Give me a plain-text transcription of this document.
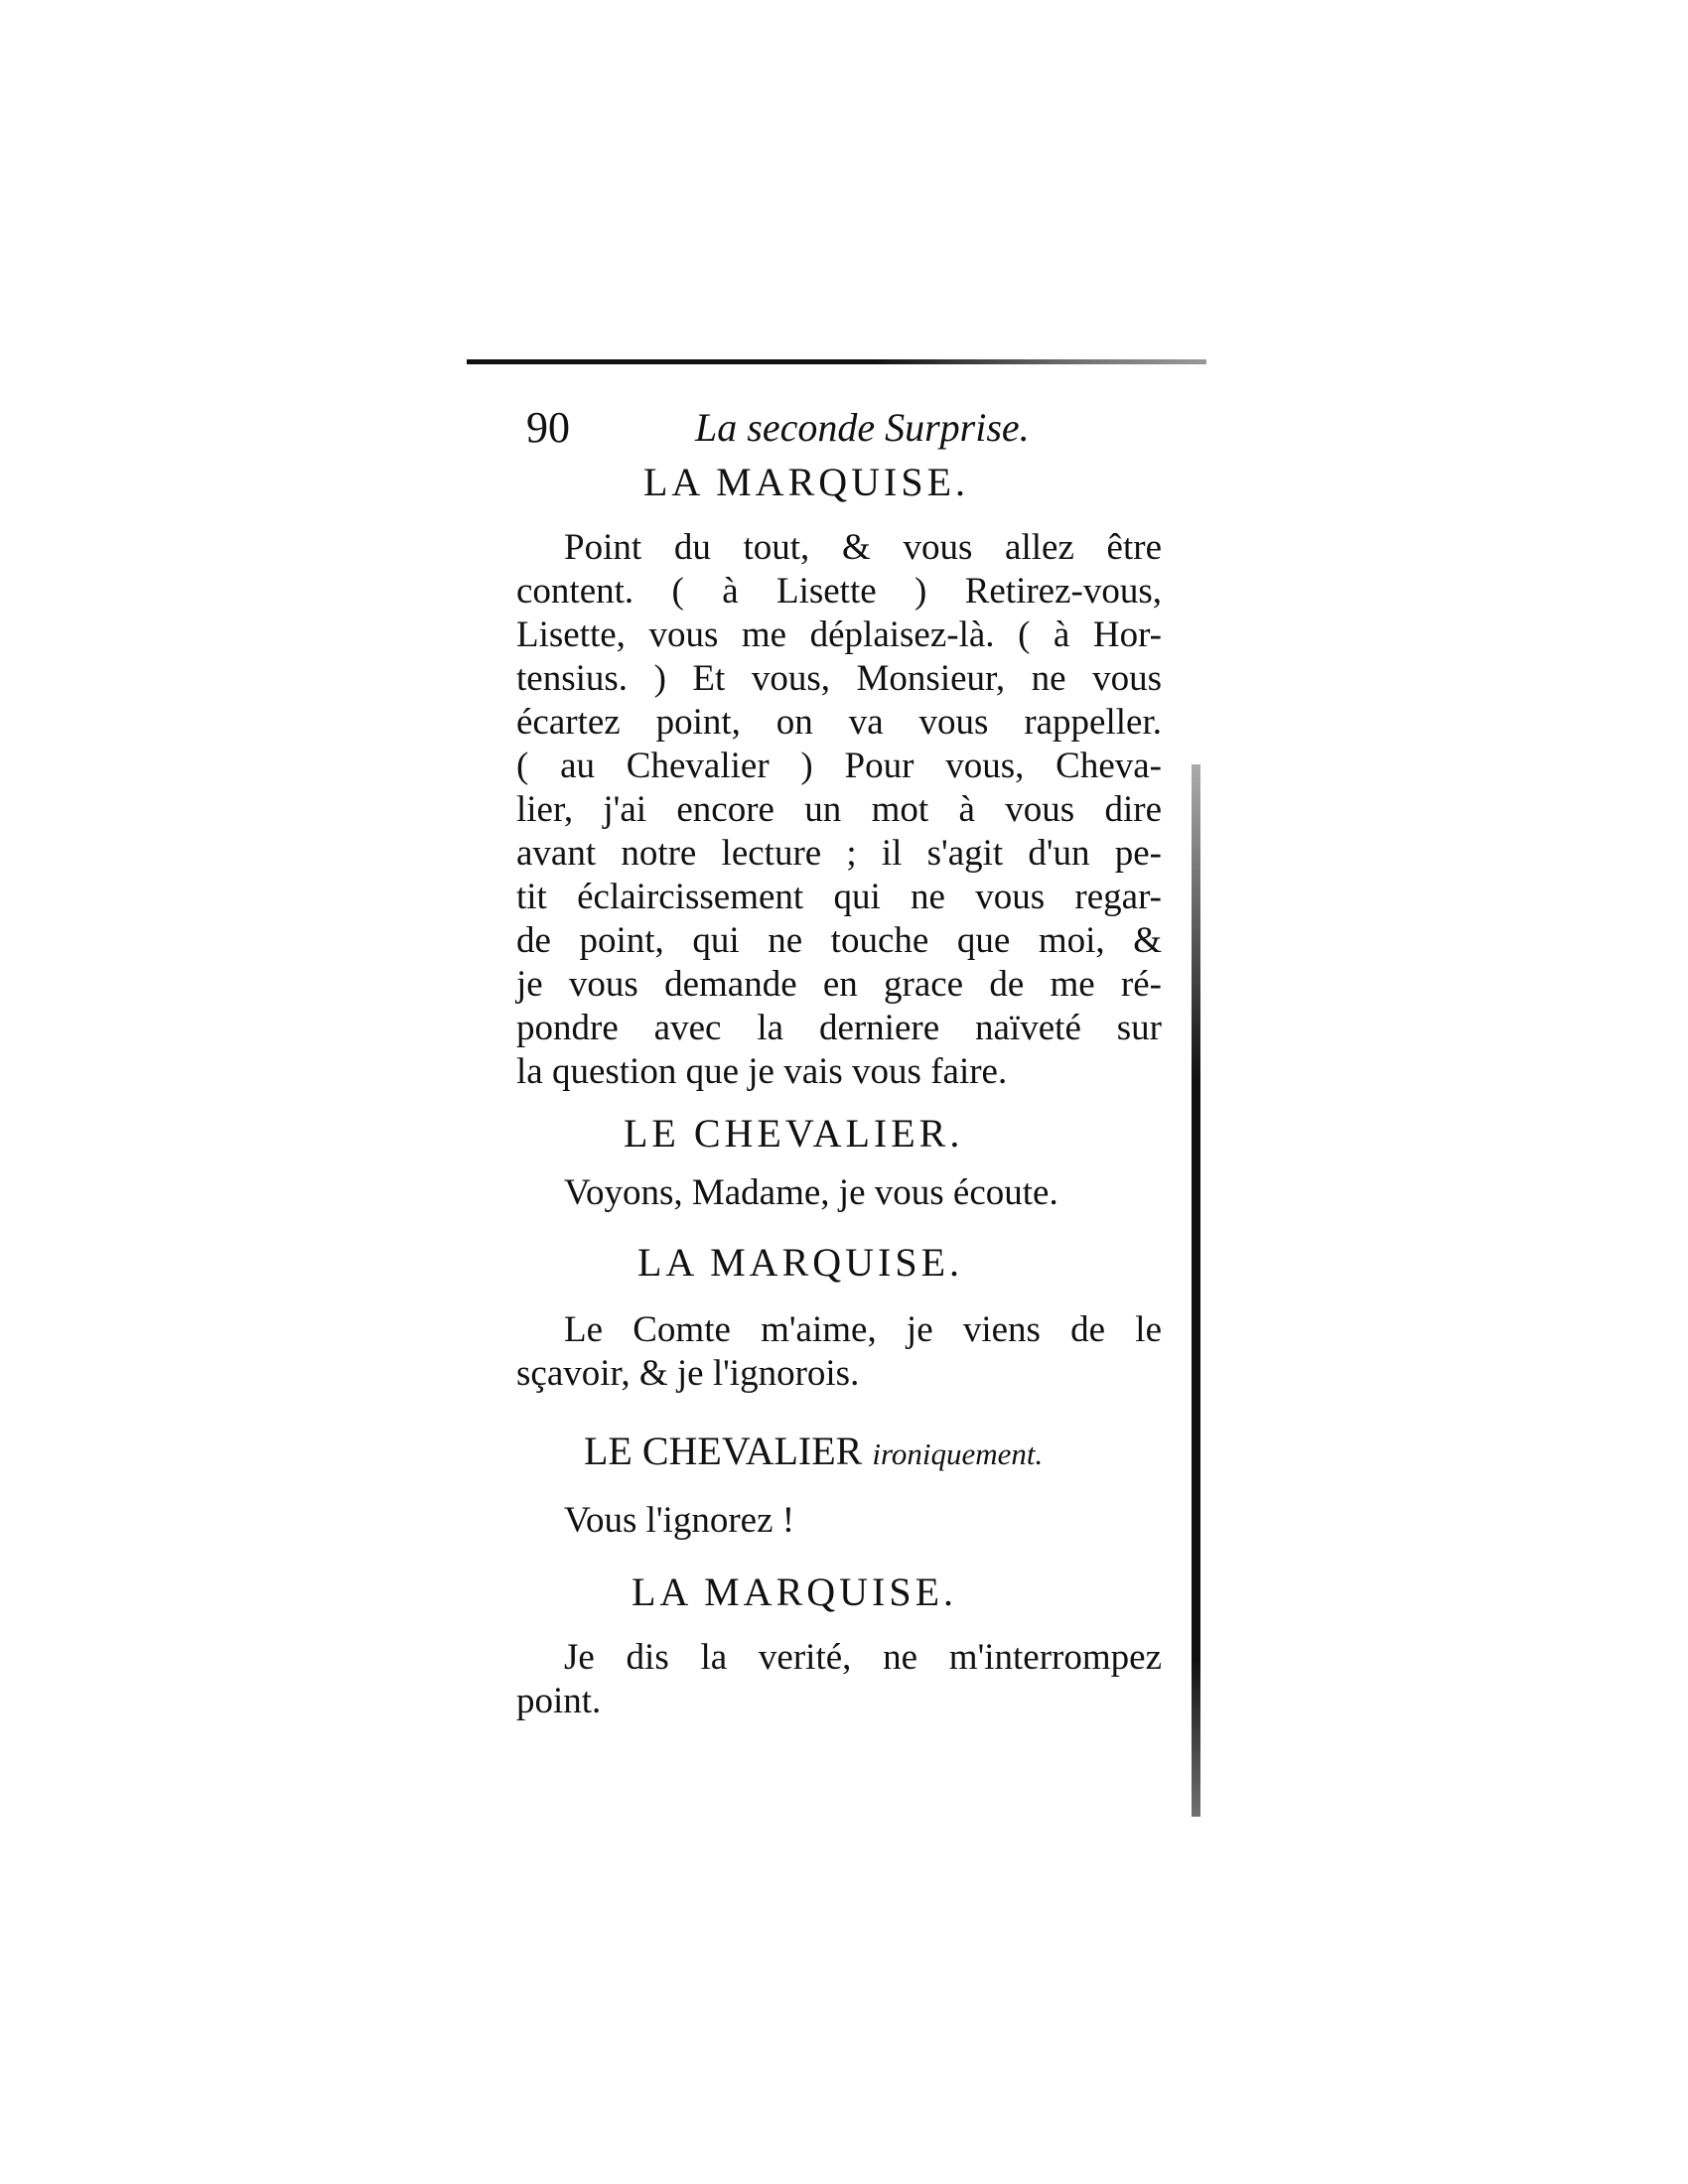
90	La seconde Surprise.
LA MARQUISE.
Point du tout, & vous allez être
content. ( à Lisette ) Retirez-vous,
Lisette, vous me déplaisez-là. ( à Hor-
tensius. ) Et vous, Monsieur, ne vous
écartez point, on va vous rappeller.
( au Chevalier ) Pour vous, Cheva-
lier, j'ai encore un mot à vous dire
avant notre lecture ; il s'agit d'un pe-
tit éclaircissement qui ne vous regar-
de point, qui ne touche que moi, &
je vous demande en grace de me ré-
pondre avec la derniere naïveté sur
la question que je vais vous faire.
LE CHEVALIER.
Voyons, Madame, je vous écoute.
LA MARQUISE.
Le Comte m'aime, je viens de le
sçavoir, & je l'ignorois.
LE CHEVALIER ironiquement.
Vous l'ignorez !
LA MARQUISE.
Je dis la verité, ne m'interrompez
point.
